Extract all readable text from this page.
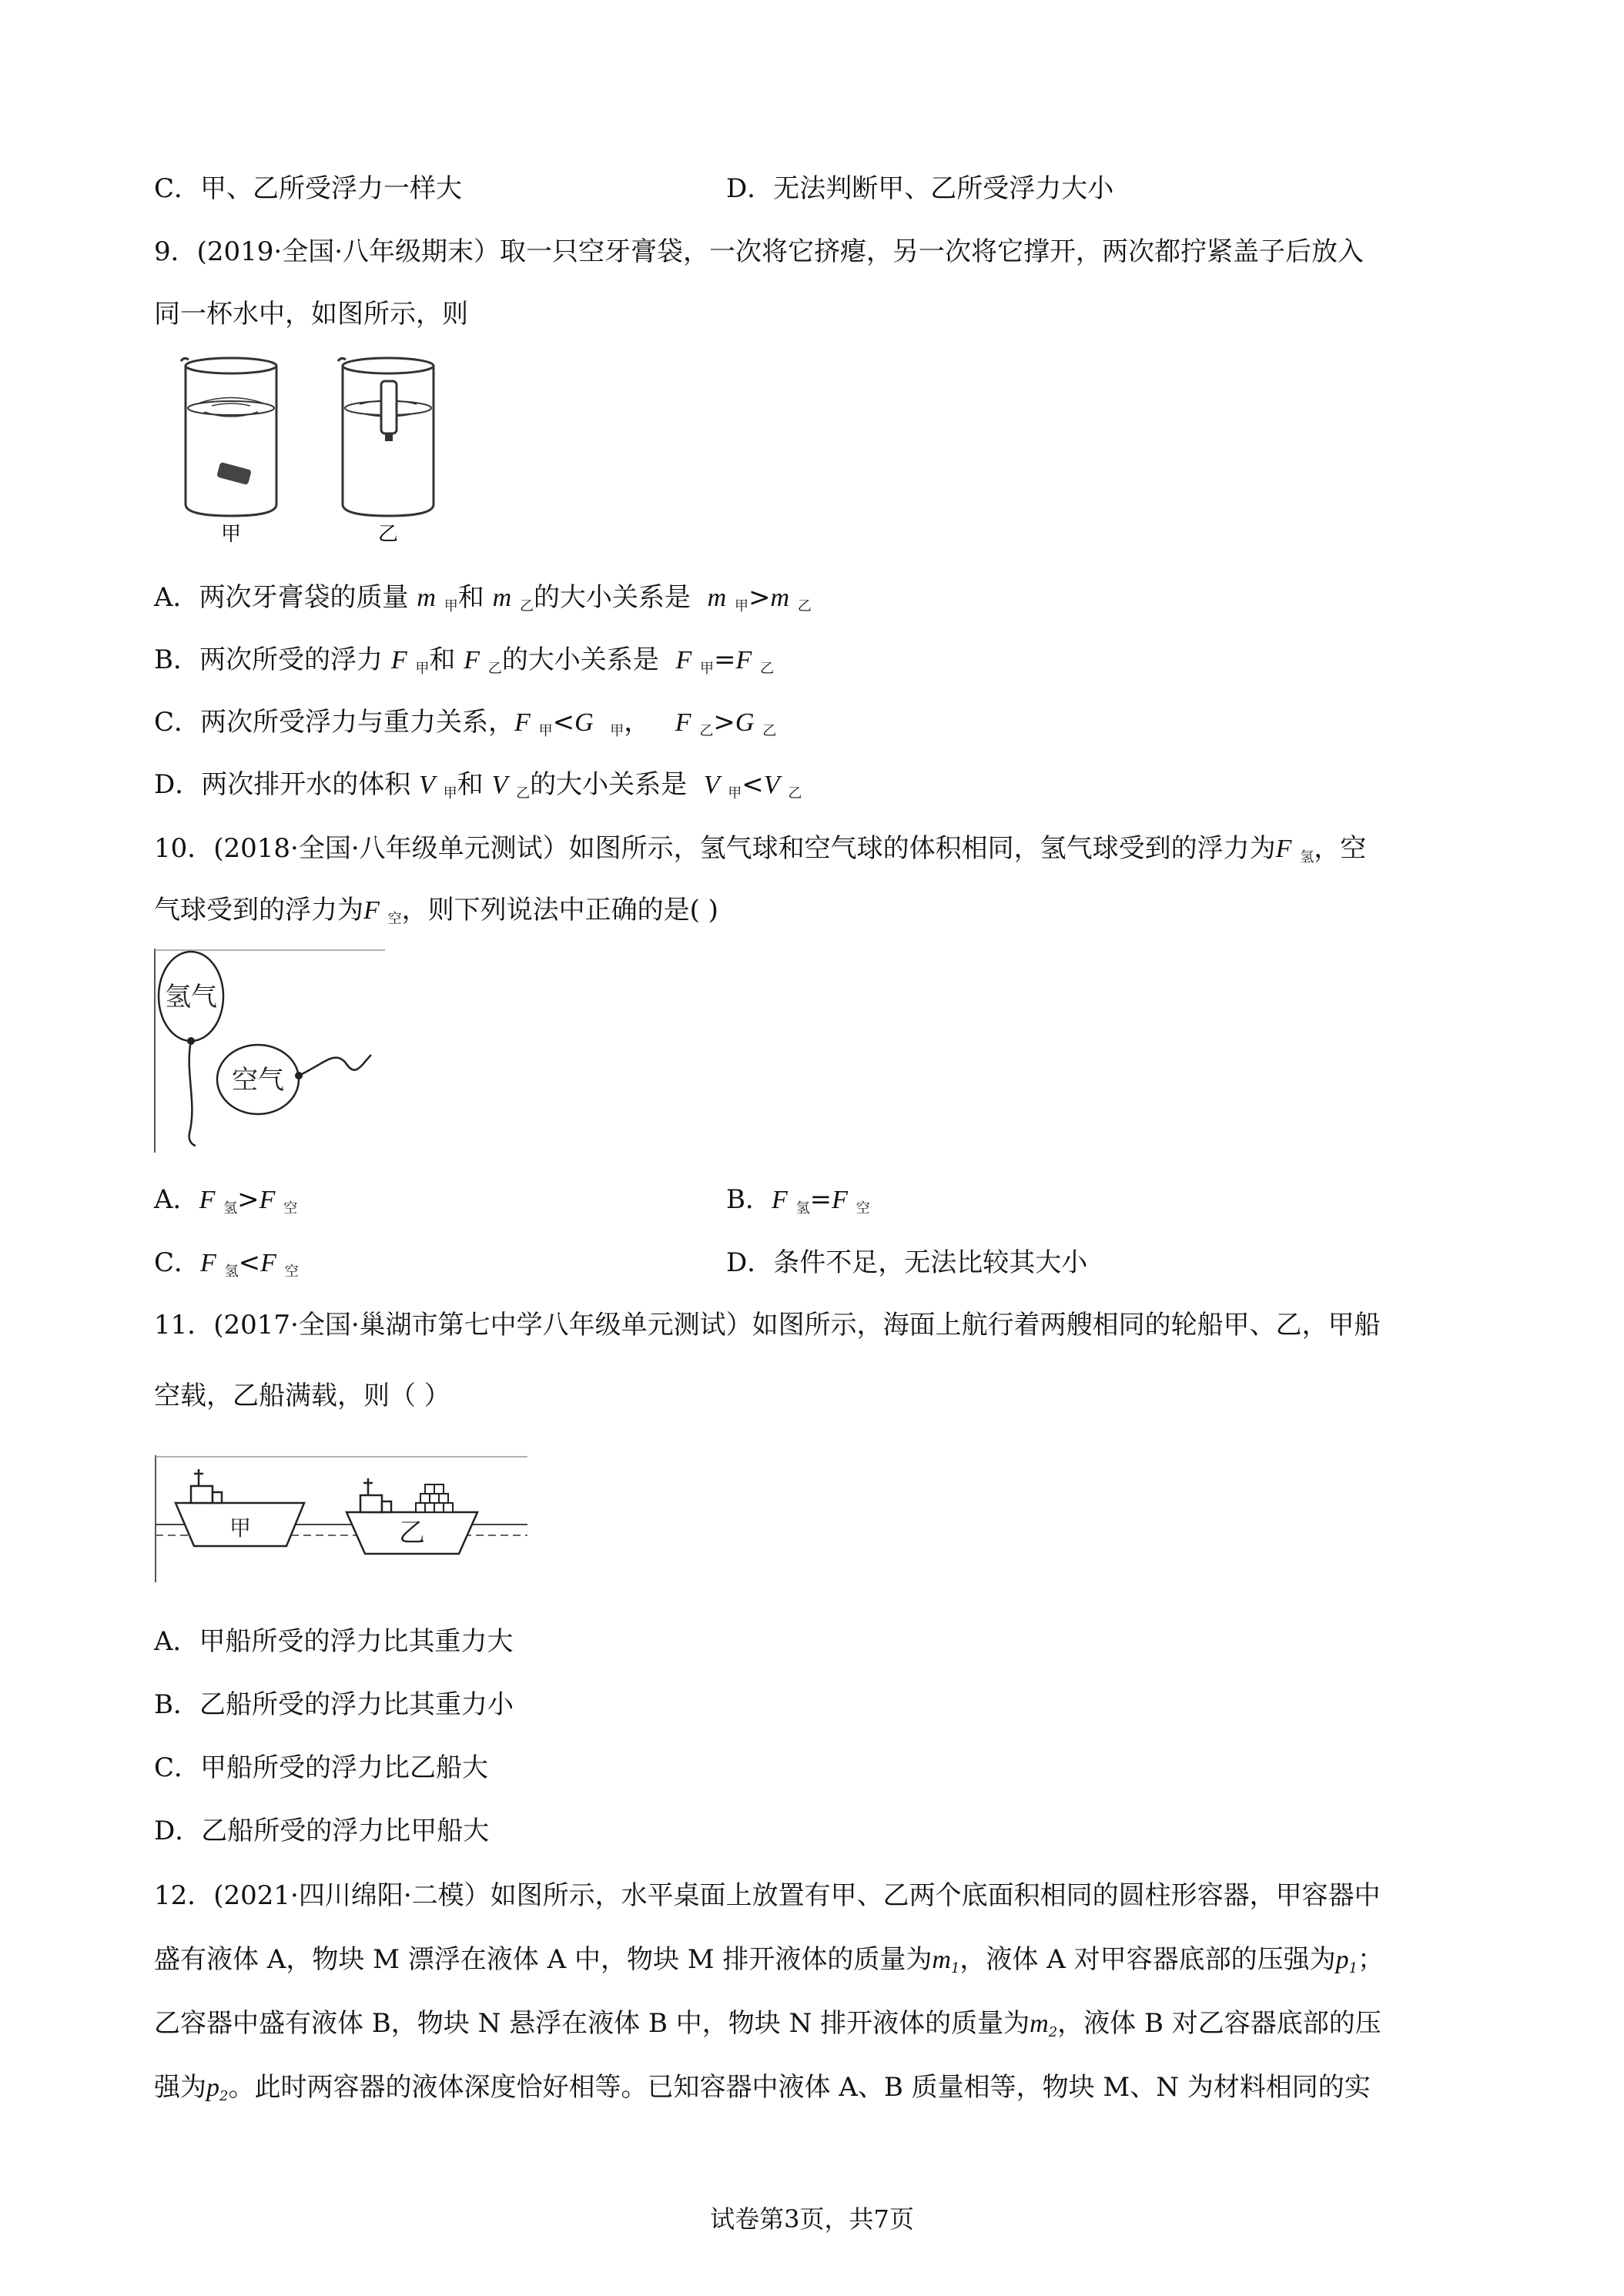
C．甲、乙所受浮力一样大	D．无法判断甲、乙所受浮力大小
9．(2019·全国·八年级期末）取一只空牙膏袋，一次将它挤瘪，另一次将它撑开，两次都拧紧盖子后放入
同一杯水中，如图所示，则
甲	乙
A．两次牙膏袋的质量 m $_甲$和 m $_乙$的大小关系是 m $_甲$>m $_乙$
B．两次所受的浮力 F $_甲$和 F $_乙$的大小关系是 F $_甲$=F $_乙$
C．两次所受浮力与重力关系，F $_甲$<G $_甲$， F $_乙$>G $_乙$
D．两次排开水的体积 V $_甲$和 V $_乙$的大小关系是 V $_甲$<V $_乙$
10．(2018·全国·八年级单元测试）如图所示，氢气球和空气球的体积相同，氢气球受到的浮力为F $_氢$，空
气球受到的浮力为F $_空$，则下列说法中正确的是( )
氢气
空气
A．F $_氢$>F $_空$	B．F $_氢$=F $_空$
C．F $_氢$<F $_空$	D．条件不足，无法比较其大小
11．(2017·全国·巢湖市第七中学八年级单元测试）如图所示，海面上航行着两艘相同的轮船甲、乙，甲船
空载，乙船满载，则（ ）
甲	乙
A．甲船所受的浮力比其重力大
B．乙船所受的浮力比其重力小
C．甲船所受的浮力比乙船大
D．乙船所受的浮力比甲船大
12．(2021·四川绵阳·二模）如图所示，水平桌面上放置有甲、乙两个底面积相同的圆柱形容器，甲容器中
盛有液体 A，物块 M 漂浮在液体 A 中，物块 M 排开液体的质量为$m_1$，液体 A 对甲容器底部的压强为$p_1$；
乙容器中盛有液体 B，物块 N 悬浮在液体 B 中，物块 N 排开液体的质量为$m_2$，液体 B 对乙容器底部的压
强为$p_2$。此时两容器的液体深度恰好相等。已知容器中液体 A、B 质量相等，物块 M、N 为材料相同的实
试卷第3页，共7页
